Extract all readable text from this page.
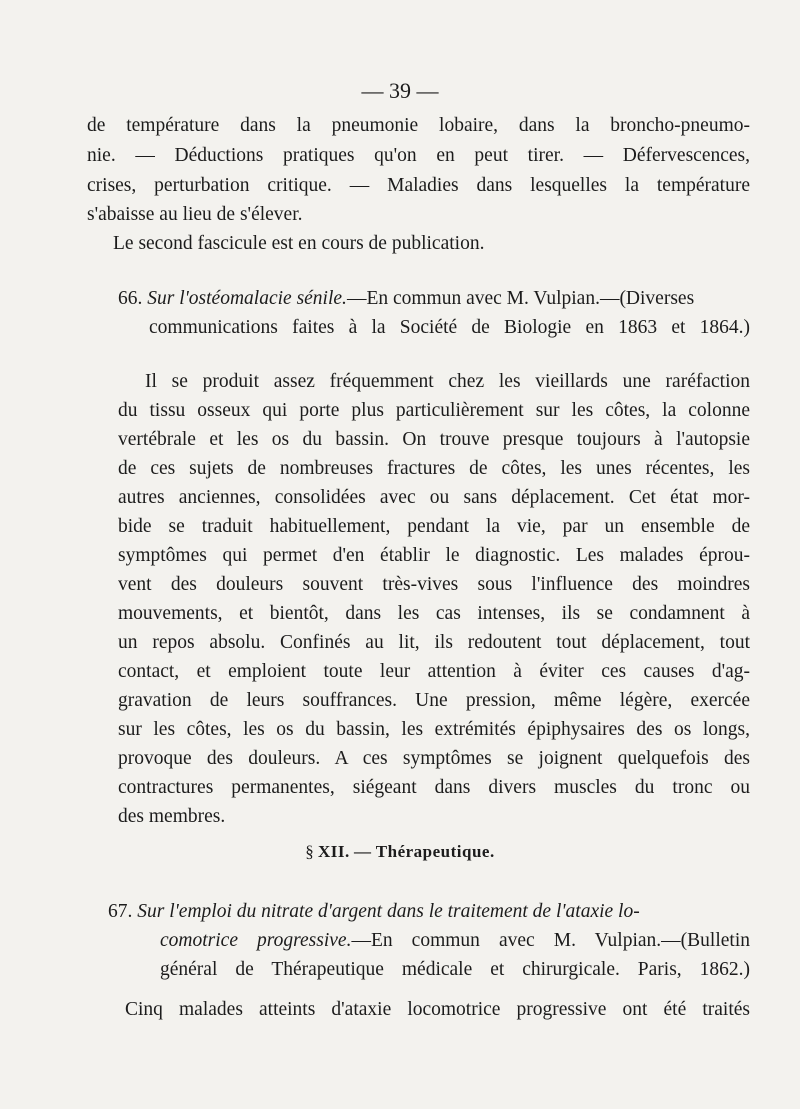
— 39 —
de température dans la pneumonie lobaire, dans la broncho-pneumo-
nie. — Déductions pratiques qu'on en peut tirer. — Défervescences,
crises, perturbation critique. — Maladies dans lesquelles la température
s'abaisse au lieu de s'élever.
Le second fascicule est en cours de publication.
66. Sur l'ostéomalacie sénile.—En commun avec M. Vulpian.—(Diverses
communications faites à la Société de Biologie en 1863 et 1864.)
Il se produit assez fréquemment chez les vieillards une raréfaction
du tissu osseux qui porte plus particulièrement sur les côtes, la colonne
vertébrale et les os du bassin. On trouve presque toujours à l'autopsie
de ces sujets de nombreuses fractures de côtes, les unes récentes, les
autres anciennes, consolidées avec ou sans déplacement. Cet état mor-
bide se traduit habituellement, pendant la vie, par un ensemble de
symptômes qui permet d'en établir le diagnostic. Les malades éprou-
vent des douleurs souvent très-vives sous l'influence des moindres
mouvements, et bientôt, dans les cas intenses, ils se condamnent à
un repos absolu. Confinés au lit, ils redoutent tout déplacement, tout
contact, et emploient toute leur attention à éviter ces causes d'ag-
gravation de leurs souffrances. Une pression, même légère, exercée
sur les côtes, les os du bassin, les extrémités épiphysaires des os longs,
provoque des douleurs. A ces symptômes se joignent quelquefois des
contractures permanentes, siégeant dans divers muscles du tronc ou
des membres.
§ XII. — Thérapeutique.
67. Sur l'emploi du nitrate d'argent dans le traitement de l'ataxie lo-
comotrice progressive.—En commun avec M. Vulpian.—(Bulletin
général de Thérapeutique médicale et chirurgicale. Paris, 1862.)
Cinq malades atteints d'ataxie locomotrice progressive ont été traités
